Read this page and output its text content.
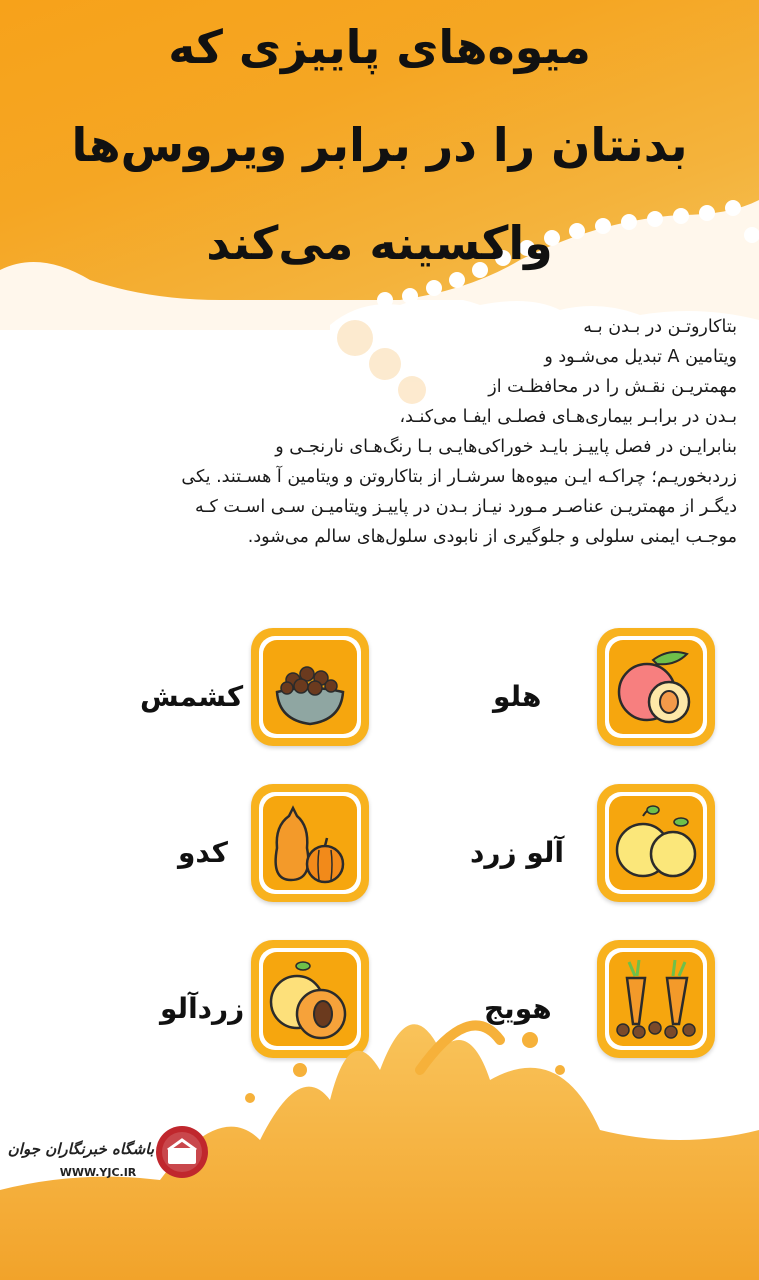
میوه‌های پاییزی که
بدنتان را در برابر ویروس‌ها
واکسینه می‌کند
بتاکاروتـن در بـدن بـه
ویتامین A تبدیل می‌شـود و
مهمتریـن نقـش را در محافظـت از
بـدن در برابـر بیماری‌هـای فصلـی ایفـا می‌کنـد،
بنابرایـن در فصل پاییـز بایـد خوراکی‌هایـی بـا رنگ‌هـای نارنجـی و
زردبخوریـم؛ چراکـه ایـن میوه‌ها سرشـار از بتاکاروتن و ویتامین آ هسـتند. یکی
دیگـر از مهمتریـن عناصـر مـورد نیـاز بـدن در پاییـز ویتامیـن سـی اسـت کـه
موجـب ایمنی سلولی و جلوگیری از نابودی سلول‌های سالم می‌شود.
هلو
کشمش
آلو زرد
کدو
هویج
زردآلو
باشگاه خبرنگاران جوان
WWW.YJC.IR
